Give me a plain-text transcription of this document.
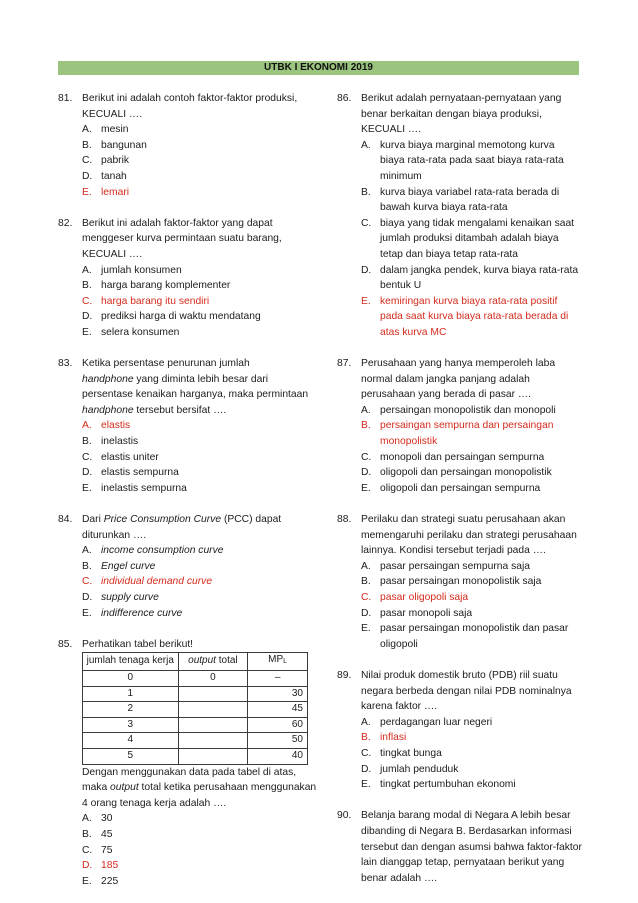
UTBK I EKONOMI 2019
81. Berikut ini adalah contoh faktor-faktor produksi, KECUALI ….
A. mesin
B. bangunan
C. pabrik
D. tanah
E. lemari
82. Berikut ini adalah faktor-faktor yang dapat menggeser kurva permintaan suatu barang, KECUALI ….
A. jumlah konsumen
B. harga barang komplementer
C. harga barang itu sendiri
D. prediksi harga di waktu mendatang
E. selera konsumen
83. Ketika persentase penurunan jumlah
handphone yang diminta lebih besar dari persentase kenaikan harganya, maka permintaan handphone tersebut bersifat ….
A. elastis
B. inelastis
C. elastis uniter
D. elastis sempurna
E. inelastis sempurna
84. Dari Price Consumption Curve (PCC) dapat diturunkan ….
A. income consumption curve
B. Engel curve
C. individual demand curve
D. supply curve
E. indifference curve
85. Perhatikan tabel berikut!
jumlah tenaga kerja	output total	$MP_L$
0	0	–
1		30
2		45
3		60
4		50
5		40
Dengan menggunakan data pada tabel di atas, maka output total ketika perusahaan menggunakan 4 orang tenaga kerja adalah ….
A. 30
B. 45
C. 75
D. 185
E. 225
86. Berikut adalah pernyataan-pernyataan yang benar berkaitan dengan biaya produksi, KECUALI ….
A. kurva biaya marginal memotong kurva biaya rata-rata pada saat biaya rata-rata minimum
B. kurva biaya variabel rata-rata berada di bawah kurva biaya rata-rata
C. biaya yang tidak mengalami kenaikan saat jumlah produksi ditambah adalah biaya tetap dan biaya tetap rata-rata
D. dalam jangka pendek, kurva biaya rata-rata bentuk U
E. kemiringan kurva biaya rata-rata positif pada saat kurva biaya rata-rata berada di atas kurva MC
87. Perusahaan yang hanya memperoleh laba normal dalam jangka panjang adalah perusahaan yang berada di pasar ….
A. persaingan monopolistik dan monopoli
B. persaingan sempurna dan persaingan monopolistik
C. monopoli dan persaingan sempurna
D. oligopoli dan persaingan monopolistik
E. oligopoli dan persaingan sempurna
88. Perilaku dan strategi suatu perusahaan akan memengaruhi perilaku dan strategi perusahaan lainnya. Kondisi tersebut terjadi pada ….
A. pasar persaingan sempurna saja
B. pasar persaingan monopolistik saja
C. pasar oligopoli saja
D. pasar monopoli saja
E. pasar persaingan monopolistik dan pasar oligopoli
89. Nilai produk domestik bruto (PDB) riil suatu negara berbeda dengan nilai PDB nominalnya karena faktor ….
A. perdagangan luar negeri
B. inflasi
C. tingkat bunga
D. jumlah penduduk
E. tingkat pertumbuhan ekonomi
90. Belanja barang modal di Negara A lebih besar dibanding di Negara B. Berdasarkan informasi tersebut dan dengan asumsi bahwa faktor-faktor lain dianggap tetap, pernyataan berikut yang benar adalah ….
